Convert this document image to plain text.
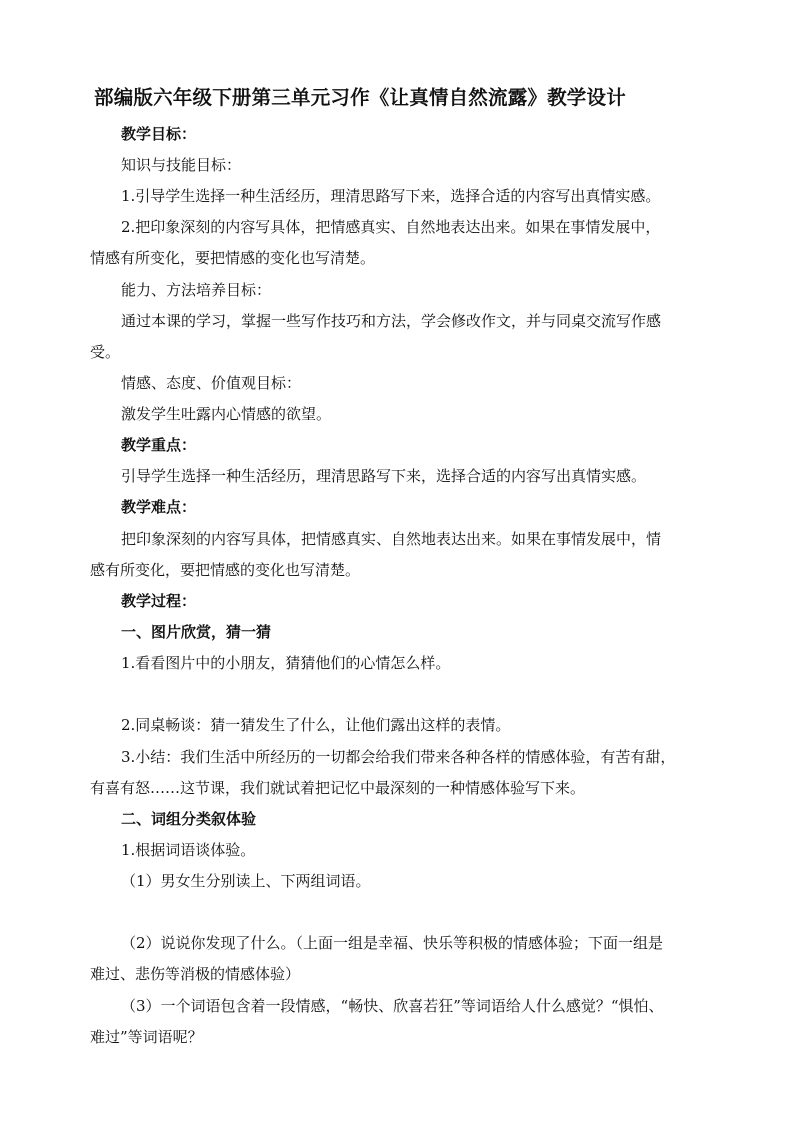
部编版六年级下册第三单元习作《让真情自然流露》教学设计
教学目标：
知识与技能目标：
1.引导学生选择一种生活经历，理清思路写下来，选择合适的内容写出真情实感。
2.把印象深刻的内容写具体，把情感真实、自然地表达出来。如果在事情发展中，
情感有所变化，要把情感的变化也写清楚。
能力、方法培养目标：
通过本课的学习，掌握一些写作技巧和方法，学会修改作文，并与同桌交流写作感
受。
情感、态度、价值观目标：
激发学生吐露内心情感的欲望。
教学重点：
引导学生选择一种生活经历，理清思路写下来，选择合适的内容写出真情实感。
教学难点：
把印象深刻的内容写具体，把情感真实、自然地表达出来。如果在事情发展中，情
感有所变化，要把情感的变化也写清楚。
教学过程：
一、图片欣赏，猜一猜
1.看看图片中的小朋友，猜猜他们的心情怎么样。
2.同桌畅谈：猜一猜发生了什么，让他们露出这样的表情。
3.小结：我们生活中所经历的一切都会给我们带来各种各样的情感体验，有苦有甜，
有喜有怒……这节课，我们就试着把记忆中最深刻的一种情感体验写下来。
二、词组分类叙体验
1.根据词语谈体验。
（1）男女生分别读上、下两组词语。
（2）说说你发现了什么。（上面一组是幸福、快乐等积极的情感体验；下面一组是
难过、悲伤等消极的情感体验）
（3）一个词语包含着一段情感，“畅快、欣喜若狂”等词语给人什么感觉？“惧怕、
难过”等词语呢？
